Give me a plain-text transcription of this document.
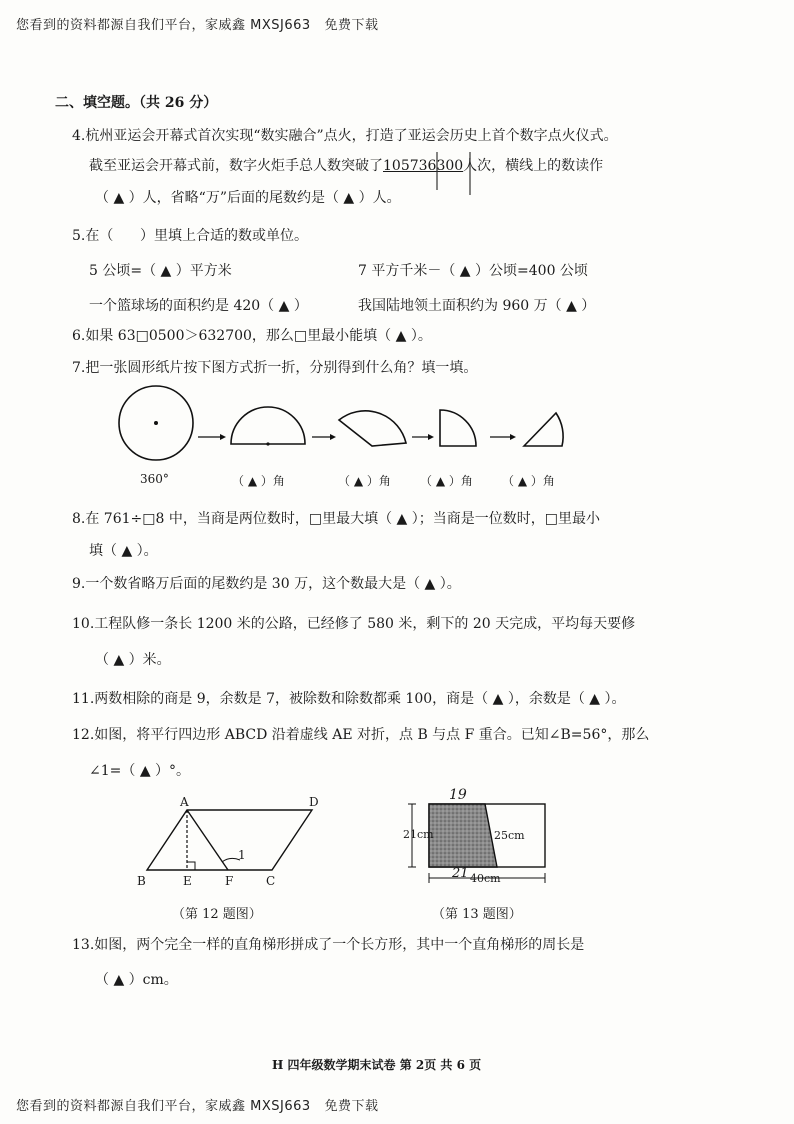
您看到的资料都源自我们平台，家威鑫 MXSJ663   免费下载
二、填空题。（共 26 分）
4.杭州亚运会开幕式首次实现“数实融合”点火，打造了亚运会历史上首个数字点火仪式。
截至亚运会开幕式前，数字火炬手总人数突破了105736300人次，横线上的数读作
（ ▲ ）人，省略“万”后面的尾数约是（ ▲ ）人。
5.在（      ）里填上合适的数或单位。
5 公顷=（ ▲ ）平方米	7 平方千米－（ ▲ ）公顷=400 公顷
一个篮球场的面积约是 420（ ▲ ）	我国陆地领土面积约为 960 万（ ▲ ）
6.如果 63□0500＞632700，那么□里最小能填（ ▲ ）。
7.把一张圆形纸片按下图方式折一折，分别得到什么角？填一填。
360°	（ ▲ ）角	（ ▲ ）角 （ ▲ ）角 （ ▲ ）角
8.在 761÷□8 中，当商是两位数时，□里最大填（ ▲ ）；当商是一位数时，□里最小
填（ ▲ ）。
9.一个数省略万后面的尾数约是 30 万，这个数最大是（ ▲ ）。
10.工程队修一条长 1200 米的公路，已经修了 580 米，剩下的 20 天完成，平均每天要修
（ ▲ ）米。
11.两数相除的商是 9，余数是 7，被除数和除数都乘 100，商是（ ▲ ），余数是（ ▲ ）。
12.如图，将平行四边形 ABCD 沿着虚线 AE 对折，点 B 与点 F 重合。已知∠B=56°，那么
∠1=（ ▲ ）°。
A	D
B	E	F	C
1
（第 12 题图）
21cm	25cm
40cm
19
21
（第 13 题图）
13.如图，两个完全一样的直角梯形拼成了一个长方形，其中一个直角梯形的周长是
（ ▲ ）cm。
H 四年级数学期末试卷 第 2页 共 6 页
您看到的资料都源自我们平台，家威鑫 MXSJ663   免费下载
